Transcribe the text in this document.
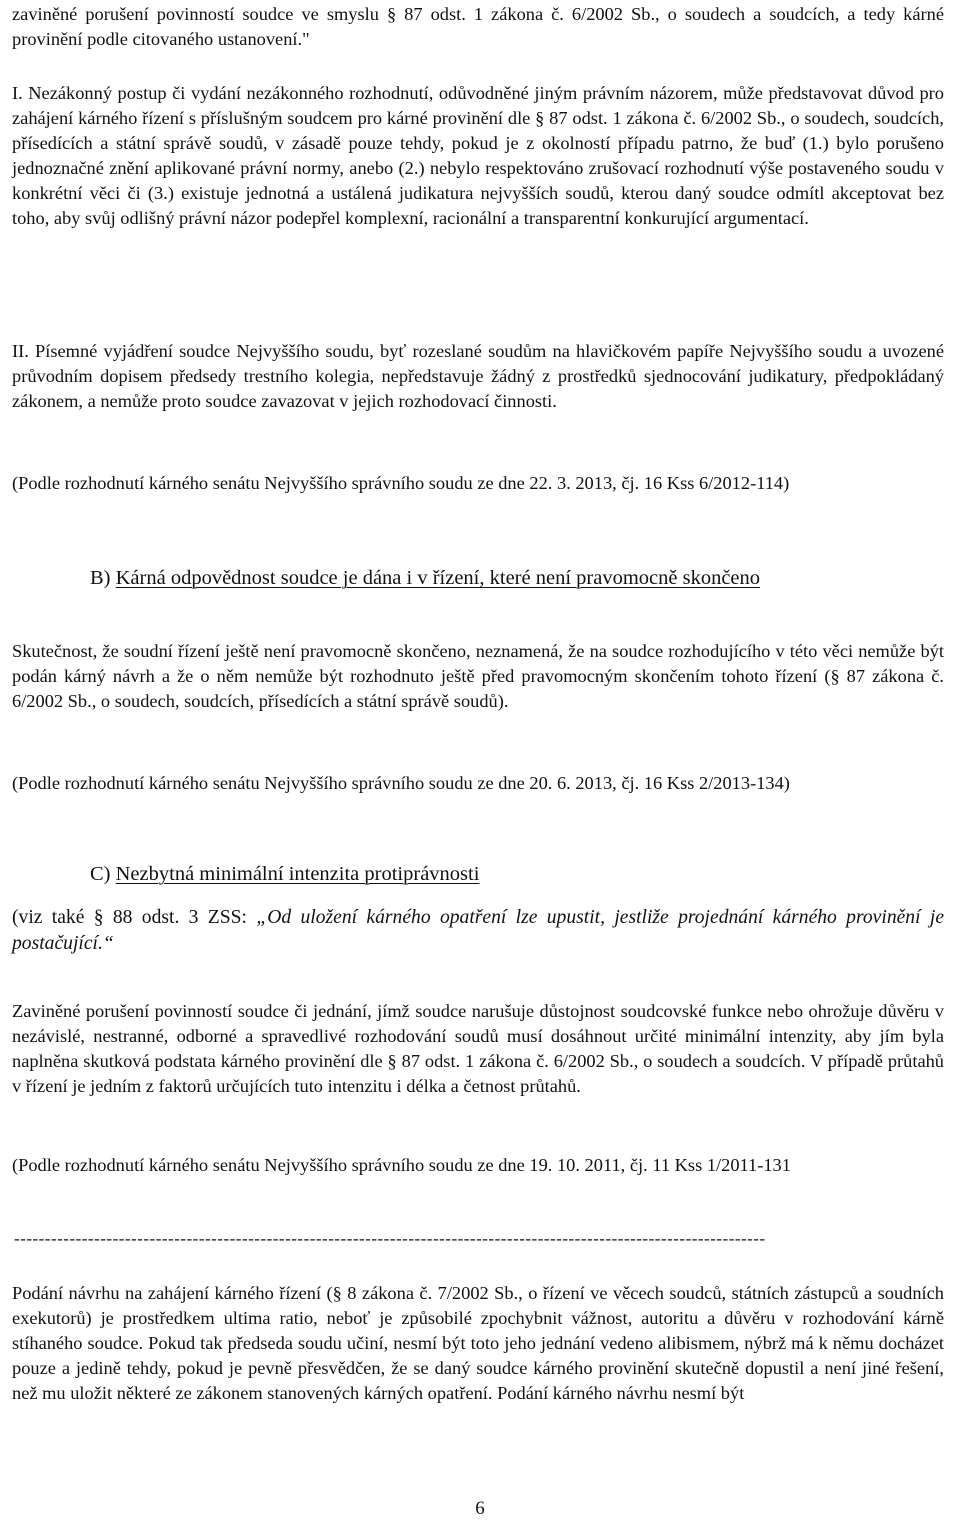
zaviněné porušení povinností soudce ve smyslu § 87 odst. 1 zákona č. 6/2002 Sb., o soudech a soudcích, a tedy kárné provinění podle citovaného ustanovení."

I. Nezákonný postup či vydání nezákonného rozhodnutí, odůvodněné jiným právním názorem, může představovat důvod pro zahájení kárného řízení s příslušným soudcem pro kárné provinění dle § 87 odst. 1 zákona č. 6/2002 Sb., o soudech, soudcích, přísedících a státní správě soudů, v zásadě pouze tehdy, pokud je z okolností případu patrno, že buď (1.) bylo porušeno jednoznačné znění aplikované právní normy, anebo (2.) nebylo respektováno zrušovací rozhodnutí výše postaveného soudu v konkrétní věci či (3.) existuje jednotná a ustálená judikatura nejvyšších soudů, kterou daný soudce odmítl akceptovat bez toho, aby svůj odlišný právní názor podepřel komplexní, racionální a transparentní konkurující argumentací.

II. Písemné vyjádření soudce Nejvyššího soudu, byť rozeslané soudům na hlavičkovém papíře Nejvyššího soudu a uvozené průvodním dopisem předsedy trestního kolegia, nepředstavuje žádný z prostředků sjednocování judikatury, předpokládaný zákonem, a nemůže proto soudce zavazovat v jejich rozhodovací činnosti.

(Podle rozhodnutí kárného senátu Nejvyššího správního soudu ze dne 22. 3. 2013, čj. 16 Kss 6/2012-114)

B) Kárná odpovědnost soudce je dána i v řízení, které není pravomocně skončeno

Skutečnost, že soudní řízení ještě není pravomocně skončeno, neznamená, že na soudce rozhodujícího v této věci nemůže být podán kárný návrh a že o něm nemůže být rozhodnuto ještě před pravomocným skončením tohoto řízení (§ 87 zákona č. 6/2002 Sb., o soudech, soudcích, přísedících a státní správě soudů).

(Podle rozhodnutí kárného senátu Nejvyššího správního soudu ze dne 20. 6. 2013, čj. 16 Kss 2/2013-134)

C) Nezbytná minimální intenzita protiprávnosti

(viz také § 88 odst. 3 ZSS: „Od uložení kárného opatření lze upustit, jestliže projednání kárného provinění je postačující.“

Zaviněné porušení povinností soudce či jednání, jímž soudce narušuje důstojnost soudcovské funkce nebo ohrožuje důvěru v nezávislé, nestranné, odborné a spravedlivé rozhodování soudů musí dosáhnout určité minimální intenzity, aby jím byla naplněna skutková podstata kárného provinění dle § 87 odst. 1 zákona č. 6/2002 Sb., o soudech a soudcích. V případě průtahů v řízení je jedním z faktorů určujících tuto intenzitu i délka a četnost průtahů.

(Podle rozhodnutí kárného senátu Nejvyššího správního soudu ze dne 19. 10. 2011, čj. 11 Kss 1/2011-131

--------------------------------------------------------------------------------------------------------------------------

Podání návrhu na zahájení kárného řízení (§ 8 zákona č. 7/2002 Sb., o řízení ve věcech soudců, státních zástupců a soudních exekutorů) je prostředkem ultima ratio, neboť je způsobilé zpochybnit vážnost, autoritu a důvěru v rozhodování kárně stíhaného soudce. Pokud tak předseda soudu učiní, nesmí být toto jeho jednání vedeno alibismem, nýbrž má k němu docházet pouze a jedině tehdy, pokud je pevně přesvědčen, že se daný soudce kárného provinění skutečně dopustil a není jiné řešení, než mu uložit některé ze zákonem stanovených kárných opatření. Podání kárného návrhu nesmí být

6
